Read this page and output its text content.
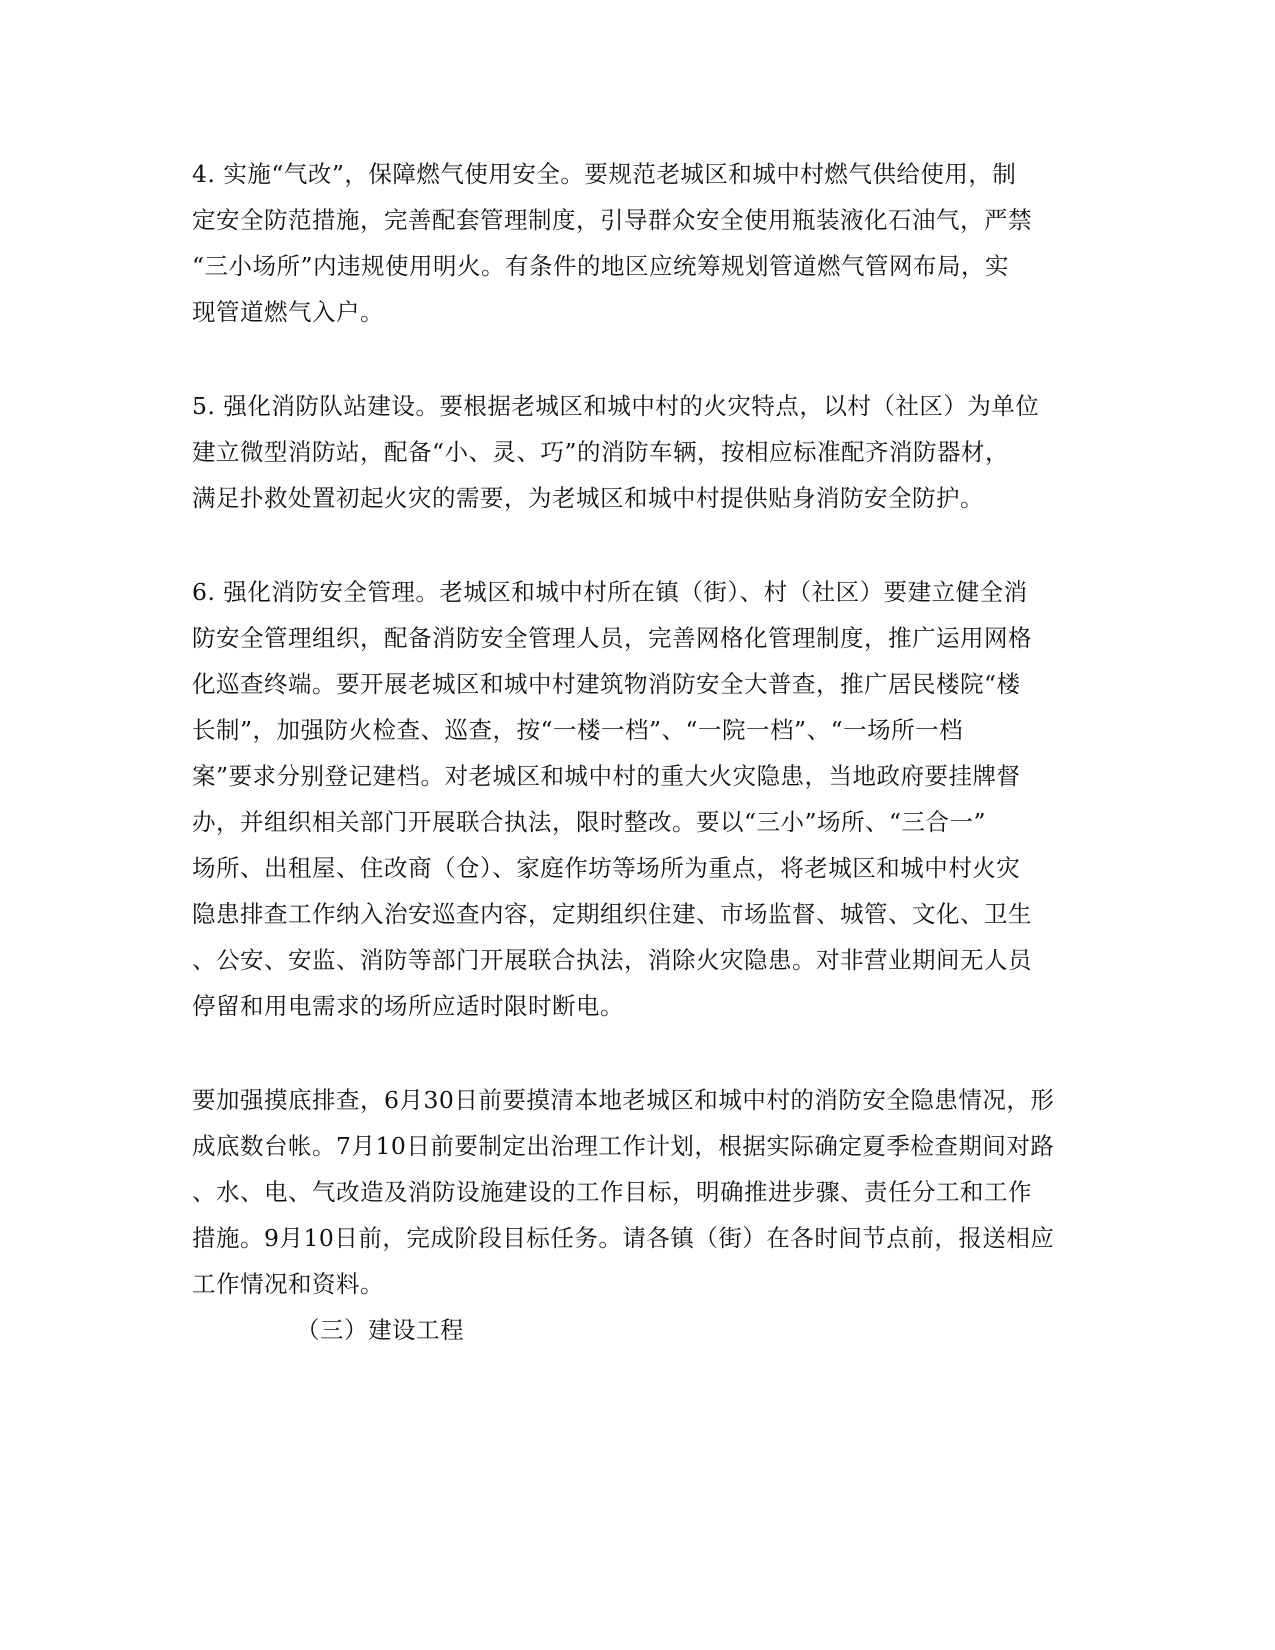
4. 实施“气改”，保障燃气使用安全。要规范老城区和城中村燃气供给使用，制
定安全防范措施，完善配套管理制度，引导群众安全使用瓶装液化石油气，严禁
“三小场所”内违规使用明火。有条件的地区应统筹规划管道燃气管网布局，实
现管道燃气入户。
5. 强化消防队站建设。要根据老城区和城中村的火灾特点，以村（社区）为单位
建立微型消防站，配备“小、灵、巧”的消防车辆，按相应标准配齐消防器材，
满足扑救处置初起火灾的需要，为老城区和城中村提供贴身消防安全防护。
6. 强化消防安全管理。老城区和城中村所在镇（街）、村（社区）要建立健全消
防安全管理组织，配备消防安全管理人员，完善网格化管理制度，推广运用网格
化巡查终端。要开展老城区和城中村建筑物消防安全大普查，推广居民楼院“楼
长制”，加强防火检查、巡查，按“一楼一档”、“一院一档”、“一场所一档
案”要求分别登记建档。对老城区和城中村的重大火灾隐患，当地政府要挂牌督
办，并组织相关部门开展联合执法，限时整改。要以“三小”场所、“三合一”
场所、出租屋、住改商（仓）、家庭作坊等场所为重点，将老城区和城中村火灾
隐患排查工作纳入治安巡查内容，定期组织住建、市场监督、城管、文化、卫生
、公安、安监、消防等部门开展联合执法，消除火灾隐患。对非营业期间无人员
停留和用电需求的场所应适时限时断电。
要加强摸底排查，6月30日前要摸清本地老城区和城中村的消防安全隐患情况，形
成底数台帐。7月10日前要制定出治理工作计划，根据实际确定夏季检查期间对路
、水、电、气改造及消防设施建设的工作目标，明确推进步骤、责任分工和工作
措施。9月10日前，完成阶段目标任务。请各镇（街）在各时间节点前，报送相应
工作情况和资料。
（三）建设工程
